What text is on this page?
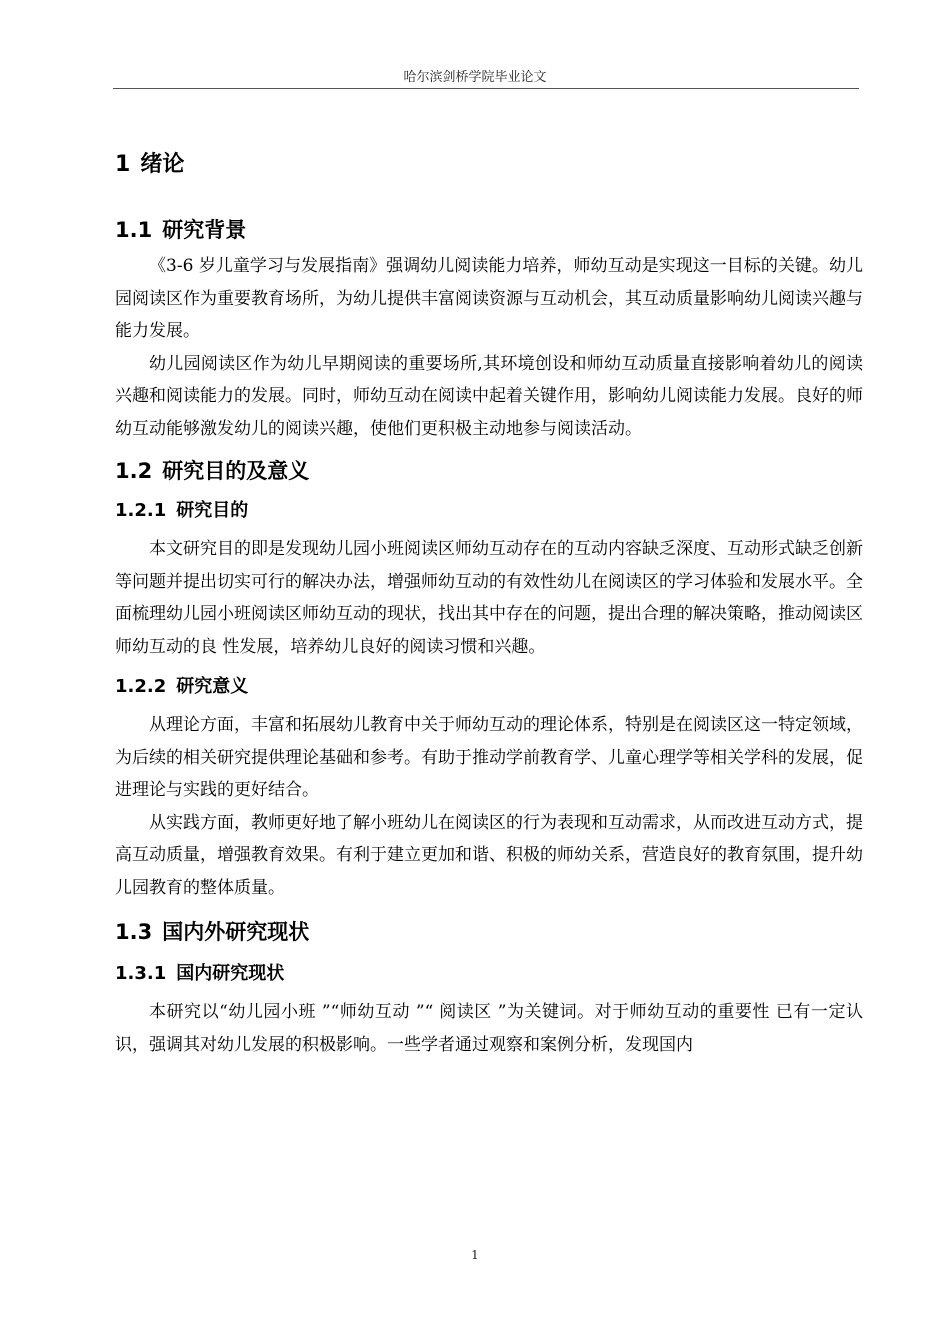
哈尔滨剑桥学院毕业论文
1 绪论
1.1 研究背景

《3-6 岁儿童学习与发展指南》强调幼儿阅读能力培养，师幼互动是实现这一目标的关键。幼儿园阅读区作为重要教育场所，为幼儿提供丰富阅读资源与互动机会，其互动质量影响幼儿阅读兴趣与能力发展。

幼儿园阅读区作为幼儿早期阅读的重要场所,其环境创设和师幼互动质量直接影响着幼儿的阅读兴趣和阅读能力的发展。同时，师幼互动在阅读中起着关键作用，影响幼儿阅读能力发展。良好的师幼互动能够激发幼儿的阅读兴趣，使他们更积极主动地参与阅读活动。

1.2 研究目的及意义
1.2.1 研究目的

本文研究目的即是发现幼儿园小班阅读区师幼互动存在的互动内容缺乏深度、互动形式缺乏创新等问题并提出切实可行的解决办法，增强师幼互动的有效性幼儿在阅读区的学习体验和发展水平。全面梳理幼儿园小班阅读区师幼互动的现状，找出其中存在的问题，提出合理的解决策略，推动阅读区师幼互动的良 性发展，培养幼儿良好的阅读习惯和兴趣。

1.2.2 研究意义

从理论方面，丰富和拓展幼儿教育中关于师幼互动的理论体系，特别是在阅读区这一特定领域，为后续的相关研究提供理论基础和参考。有助于推动学前教育学、儿童心理学等相关学科的发展，促进理论与实践的更好结合。

从实践方面，教师更好地了解小班幼儿在阅读区的行为表现和互动需求，从而改进互动方式，提高互动质量，增强教育效果。有利于建立更加和谐、积极的师幼关系，营造良好的教育氛围，提升幼儿园教育的整体质量。

1.3 国内外研究现状
1.3.1 国内研究现状

本研究以“幼儿园小班 ”“师幼互动 ”“ 阅读区 ”为关键词。对于师幼互动的重要性 已有一定认识，强调其对幼儿发展的积极影响。一些学者通过观察和案例分析，发现国内

1
